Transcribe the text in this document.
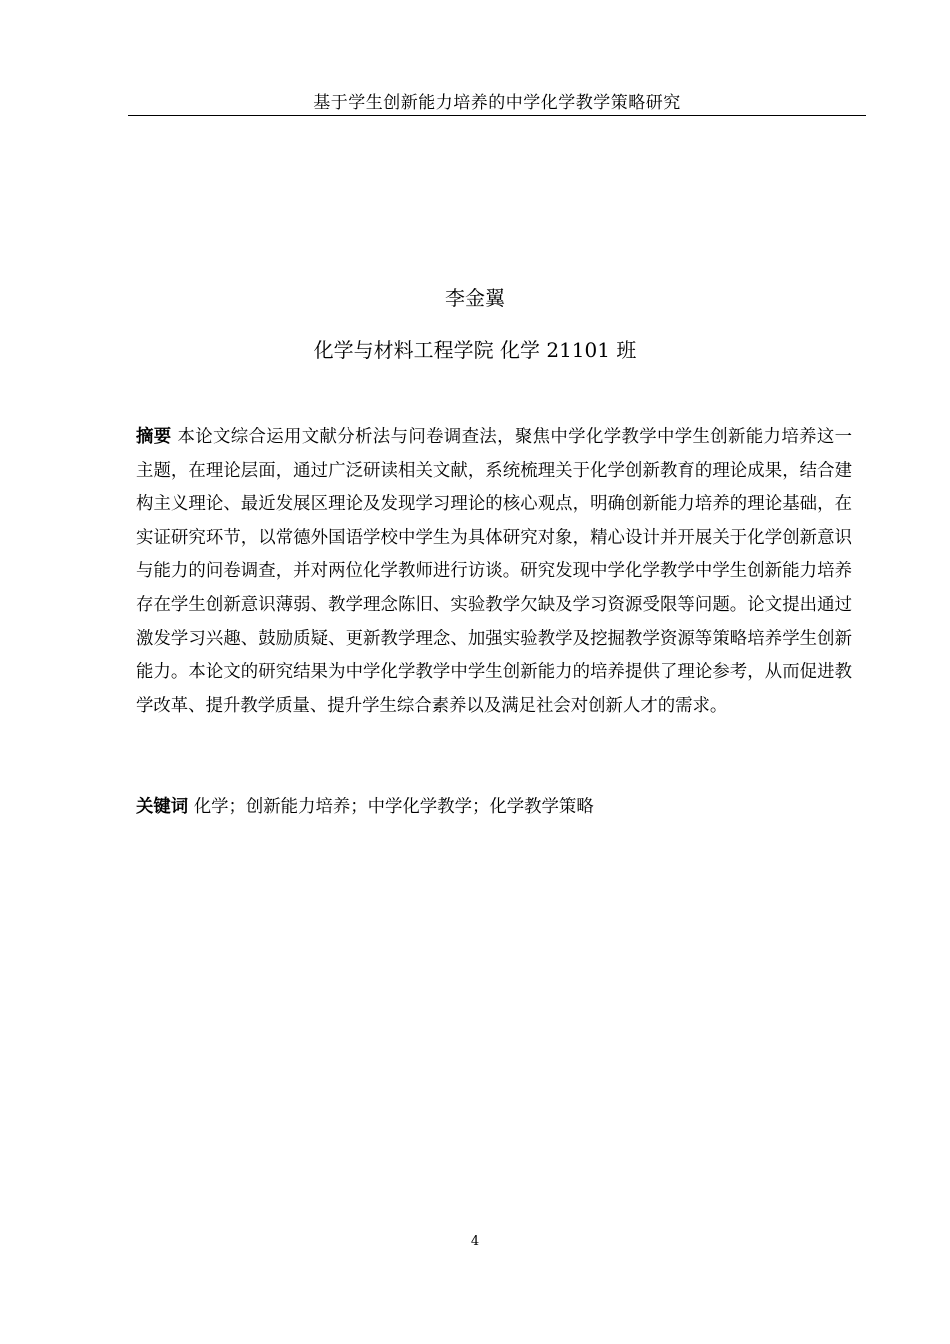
基于学生创新能力培养的中学化学教学策略研究
李金翼
化学与材料工程学院 化学 21101 班

摘要 本论文综合运用文献分析法与问卷调查法，聚焦中学化学教学中学生创新能力培养这一主题，在理论层面，通过广泛研读相关文献，系统梳理关于化学创新教育的理论成果，结合建构主义理论、最近发展区理论及发现学习理论的核心观点，明确创新能力培养的理论基础，在实证研究环节，以常德外国语学校中学生为具体研究对象，精心设计并开展关于化学创新意识与能力的问卷调查，并对两位化学教师进行访谈。研究发现中学化学教学中学生创新能力培养存在学生创新意识薄弱、教学理念陈旧、实验教学欠缺及学习资源受限等问题。论文提出通过激发学习兴趣、鼓励质疑、更新教学理念、加强实验教学及挖掘教学资源等策略培养学生创新能力。本论文的研究结果为中学化学教学中学生创新能力的培养提供了理论参考，从而促进教学改革、提升教学质量、提升学生综合素养以及满足社会对创新人才的需求。

关键词 化学；创新能力培养；中学化学教学；化学教学策略

4
